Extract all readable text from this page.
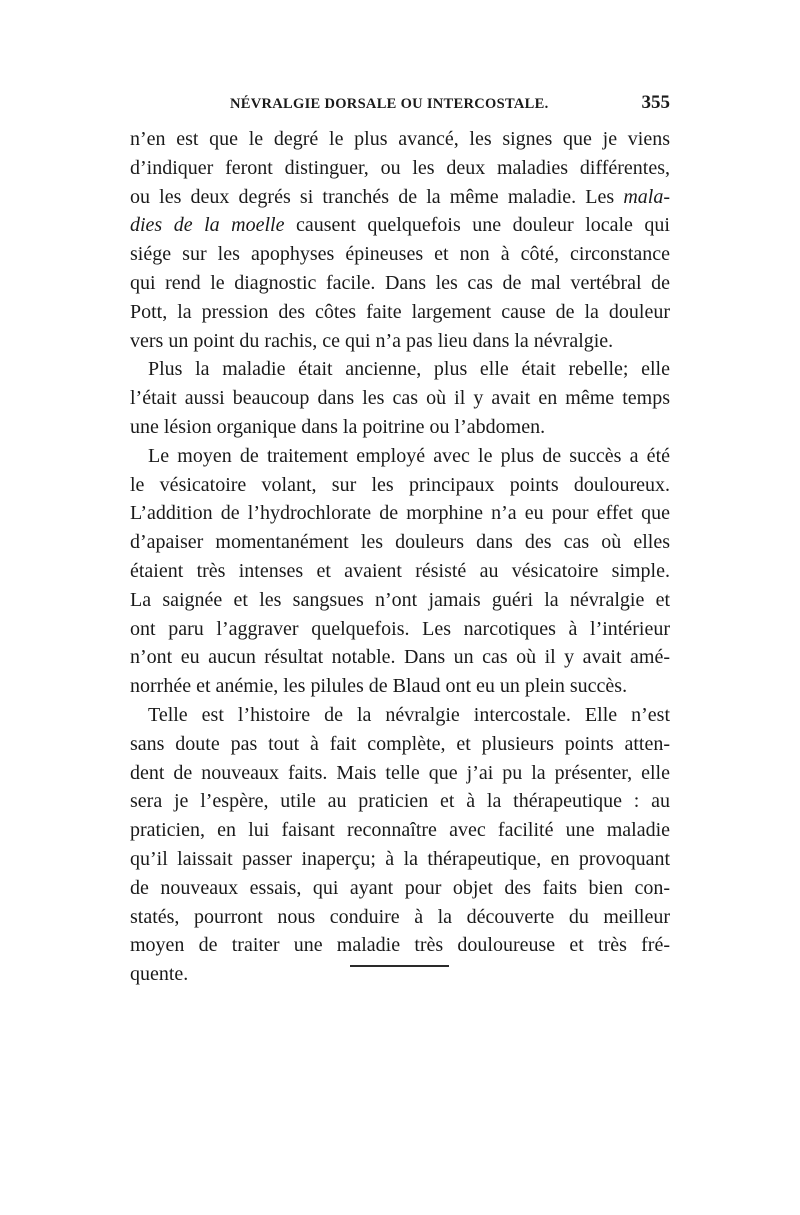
NÉVRALGIE DORSALE OU INTERCOSTALE.	355
n’en est que le degré le plus avancé, les signes que je viens
d’indiquer feront distinguer, ou les deux maladies différentes,
ou les deux degrés si tranchés de la même maladie. Les mala-
dies de la moelle causent quelquefois une douleur locale qui
siége sur les apophyses épineuses et non à côté, circonstance
qui rend le diagnostic facile. Dans les cas de mal vertébral de
Pott, la pression des côtes faite largement cause de la douleur
vers un point du rachis, ce qui n’a pas lieu dans la névralgie.
Plus la maladie était ancienne, plus elle était rebelle; elle
l’était aussi beaucoup dans les cas où il y avait en même temps
une lésion organique dans la poitrine ou l’abdomen.
Le moyen de traitement employé avec le plus de succès a été
le vésicatoire volant, sur les principaux points douloureux.
L’addition de l’hydrochlorate de morphine n’a eu pour effet que
d’apaiser momentanément les douleurs dans des cas où elles
étaient très intenses et avaient résisté au vésicatoire simple.
La saignée et les sangsues n’ont jamais guéri la névralgie et
ont paru l’aggraver quelquefois. Les narcotiques à l’intérieur
n’ont eu aucun résultat notable. Dans un cas où il y avait amé-
norrhée et anémie, les pilules de Blaud ont eu un plein succès.
Telle est l’histoire de la névralgie intercostale. Elle n’est
sans doute pas tout à fait complète, et plusieurs points atten-
dent de nouveaux faits. Mais telle que j’ai pu la présenter, elle
sera je l’espère, utile au praticien et à la thérapeutique : au
praticien, en lui faisant reconnaître avec facilité une maladie
qu’il laissait passer inaperçu; à la thérapeutique, en provoquant
de nouveaux essais, qui ayant pour objet des faits bien con-
statés, pourront nous conduire à la découverte du meilleur
moyen de traiter une maladie très douloureuse et très fré-
quente.
